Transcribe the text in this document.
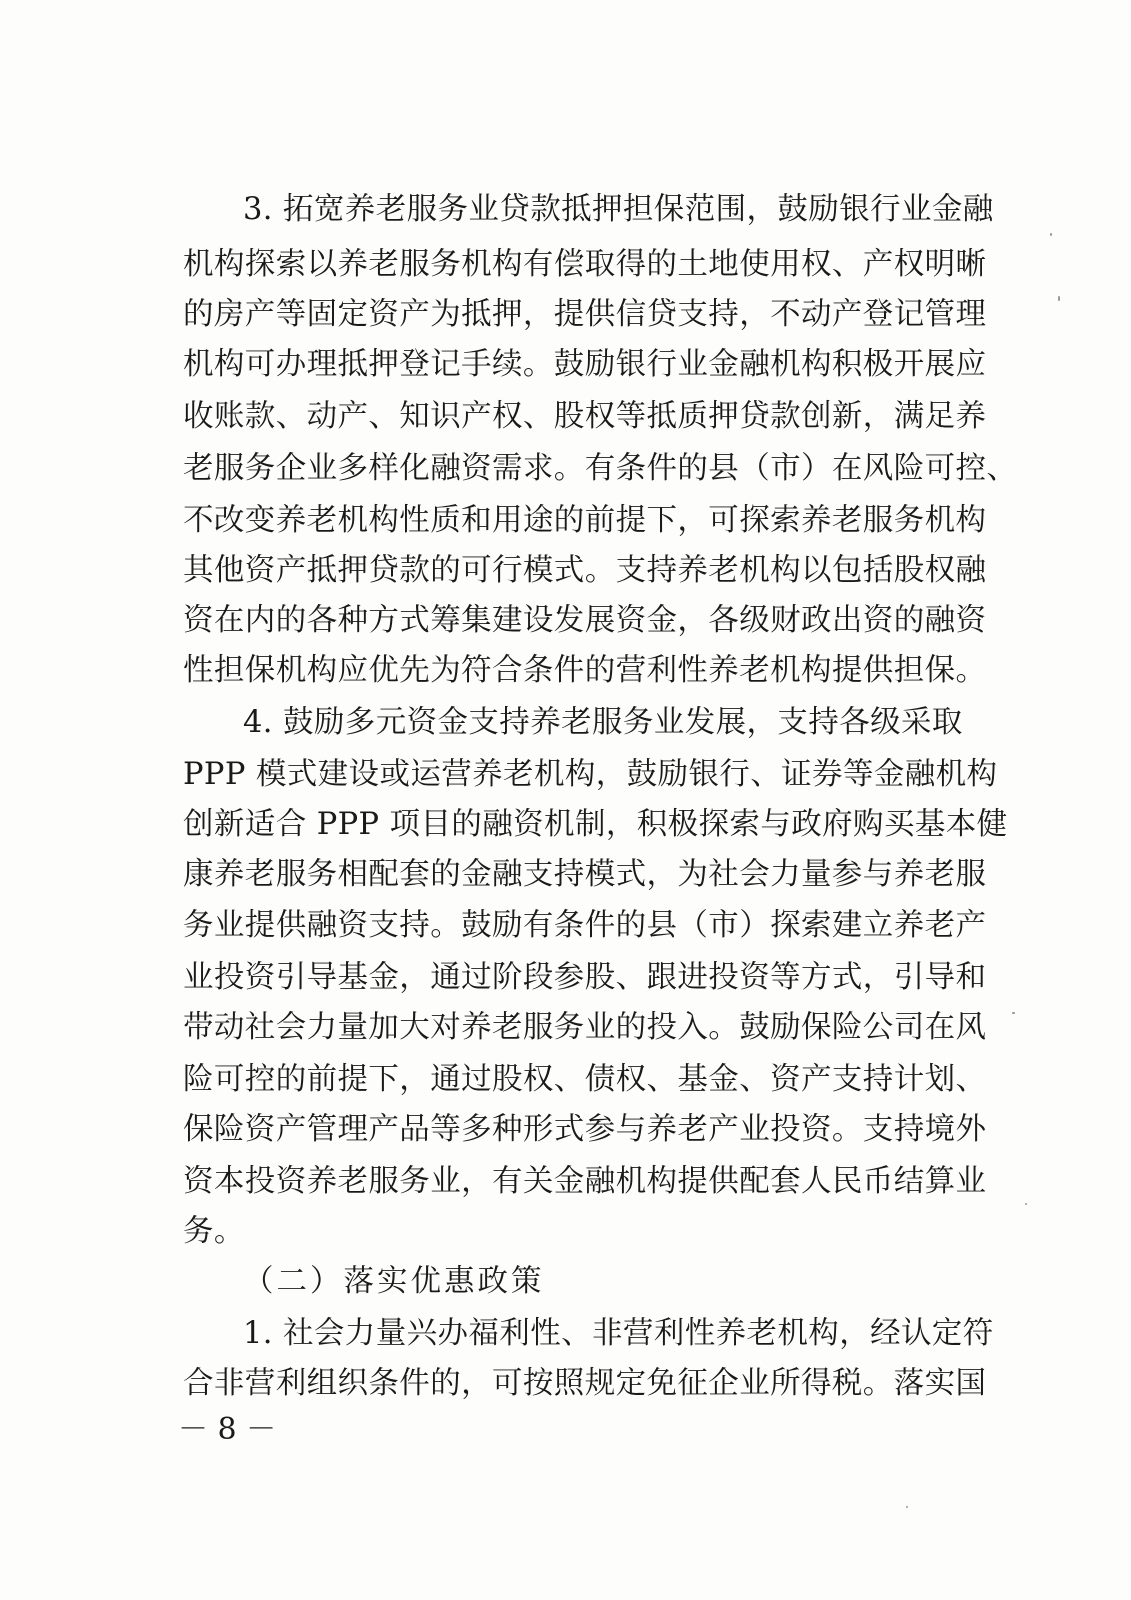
3. 拓宽养老服务业贷款抵押担保范围，鼓励银行业金融
机构探索以养老服务机构有偿取得的土地使用权、产权明晰
的房产等固定资产为抵押，提供信贷支持，不动产登记管理
机构可办理抵押登记手续。鼓励银行业金融机构积极开展应
收账款、动产、知识产权、股权等抵质押贷款创新，满足养
老服务企业多样化融资需求。有条件的县（市）在风险可控、
不改变养老机构性质和用途的前提下，可探索养老服务机构
其他资产抵押贷款的可行模式。支持养老机构以包括股权融
资在内的各种方式筹集建设发展资金，各级财政出资的融资
性担保机构应优先为符合条件的营利性养老机构提供担保。
4. 鼓励多元资金支持养老服务业发展，支持各级采取
PPP 模式建设或运营养老机构，鼓励银行、证券等金融机构
创新适合 PPP 项目的融资机制，积极探索与政府购买基本健
康养老服务相配套的金融支持模式，为社会力量参与养老服
务业提供融资支持。鼓励有条件的县（市）探索建立养老产
业投资引导基金，通过阶段参股、跟进投资等方式，引导和
带动社会力量加大对养老服务业的投入。鼓励保险公司在风
险可控的前提下，通过股权、债权、基金、资产支持计划、
保险资产管理产品等多种形式参与养老产业投资。支持境外
资本投资养老服务业，有关金融机构提供配套人民币结算业
务。
（二）落实优惠政策
1. 社会力量兴办福利性、非营利性养老机构，经认定符
合非营利组织条件的，可按照规定免征企业所得税。落实国
－ 8 －
